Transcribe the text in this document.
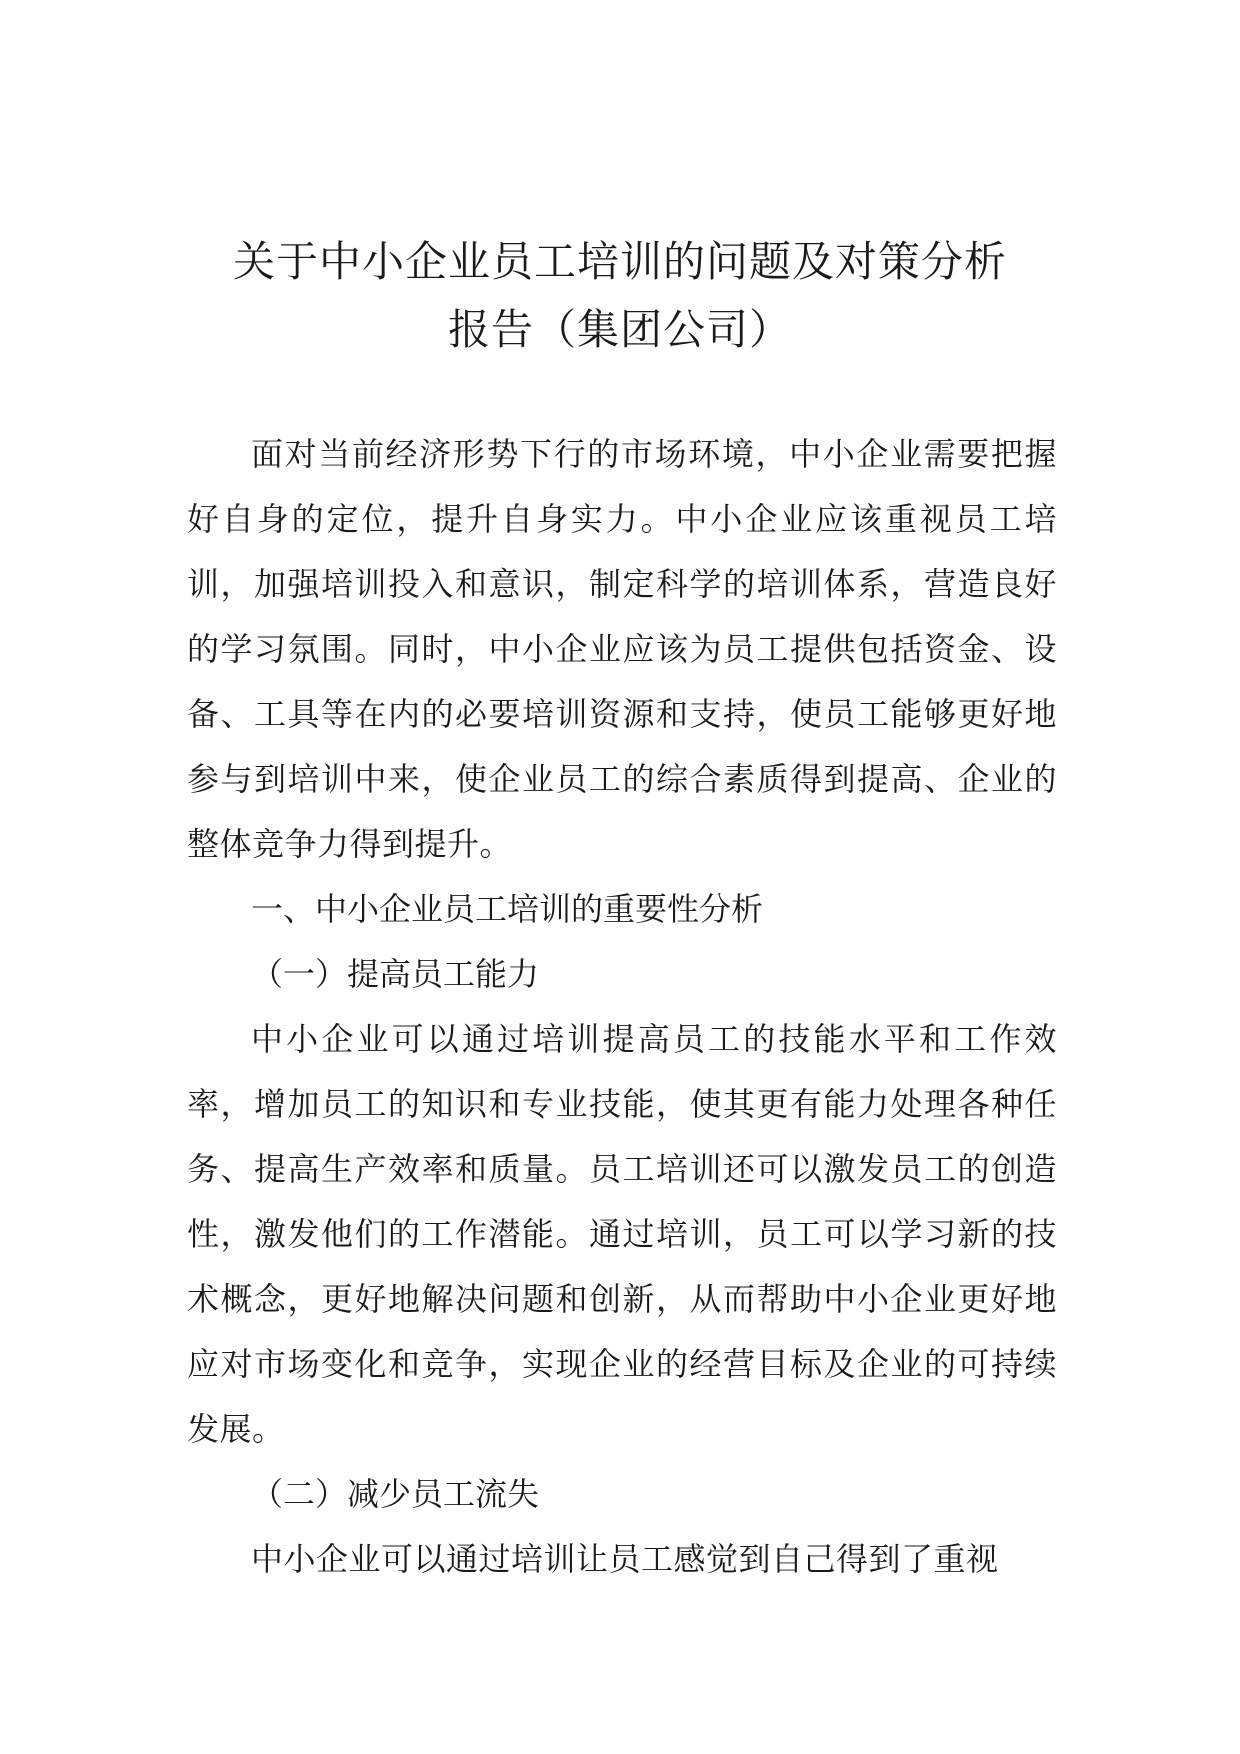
关于中小企业员工培训的问题及对策分析
报告（集团公司）

面对当前经济形势下行的市场环境，中小企业需要把握好自身的定位，提升自身实力。中小企业应该重视员工培训，加强培训投入和意识，制定科学的培训体系，营造良好的学习氛围。同时，中小企业应该为员工提供包括资金、设备、工具等在内的必要培训资源和支持，使员工能够更好地参与到培训中来，使企业员工的综合素质得到提高、企业的整体竞争力得到提升。

一、中小企业员工培训的重要性分析

（一）提高员工能力

中小企业可以通过培训提高员工的技能水平和工作效率，增加员工的知识和专业技能，使其更有能力处理各种任务、提高生产效率和质量。员工培训还可以激发员工的创造性，激发他们的工作潜能。通过培训，员工可以学习新的技术概念，更好地解决问题和创新，从而帮助中小企业更好地应对市场变化和竞争，实现企业的经营目标及企业的可持续发展。

（二）减少员工流失

中小企业可以通过培训让员工感觉到自己得到了重视
